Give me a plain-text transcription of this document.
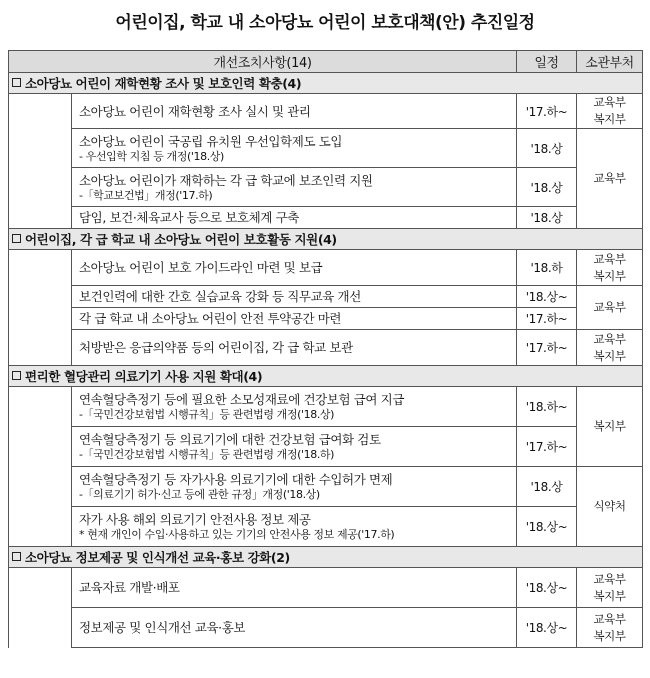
어린이집, 학교 내 소아당뇨 어린이 보호대책(안) 추진일정
개선조치사항(14)		일정	소관부처
소아당뇨 어린이 재학현황 조사 및 보호인력 확충(4)			
	소아당뇨 어린이 재학현황 조사 실시 및 관리	'17.하~	교육부
복지부

	소아당뇨 어린이 국공립 유치원 우선입학제도 도입
- 우선입학 지침 등 개정('18.상)	'18.상	교육부

	소아당뇨 어린이가 재학하는 각 급 학교에 보조인력 지원
-「학교보건법」개정('17.하)	'18.상	
	담임, 보건·체육교사 등으로 보호체계 구축	'18.상	
어린이집, 각 급 학교 내 소아당뇨 어린이 보호활동 지원(4)			
	소아당뇨 어린이 보호 가이드라인 마련 및 보급	'18.하	교육부
복지부

	보건인력에 대한 간호 실습교육 강화 등 직무교육 개선	'18.상~	교육부
	각 급 학교 내 소아당뇨 어린이 안전 투약공간 마련	'17.하~	
	처방받은 응급의약품 등의 어린이집, 각 급 학교 보관	'17.하~	교육부
복지부

편리한 혈당관리 의료기기 사용 지원 확대(4)			

	연속혈당측정기 등에 필요한 소모성재료에 건강보험 급여 지급
-「국민건강보험법 시행규칙」등 관련법령 개정('18.상)	'18.하~	복지부

	연속혈당측정기 등 의료기기에 대한 건강보험 급여화 검토
-「국민건강보험법 시행규칙」등 관련법령 개정('18.하)	'17.하~	

	연속혈당측정기 등 자가사용 의료기기에 대한 수입허가 면제
-「의료기기 허가·신고 등에 관한 규정」개정('18.상)	'18.상	식약처

	자가 사용 해외 의료기기 안전사용 정보 제공
* 현재 개인이 수입·사용하고 있는 기기의 안전사용 정보 제공('17.하)	'18.상~	
소아당뇨 정보제공 및 인식개선 교육·홍보 강화(2)			
	교육자료 개발·배포	'18.상~	교육부
복지부

	정보제공 및 인식개선 교육·홍보	'18.상~	교육부
복지부
